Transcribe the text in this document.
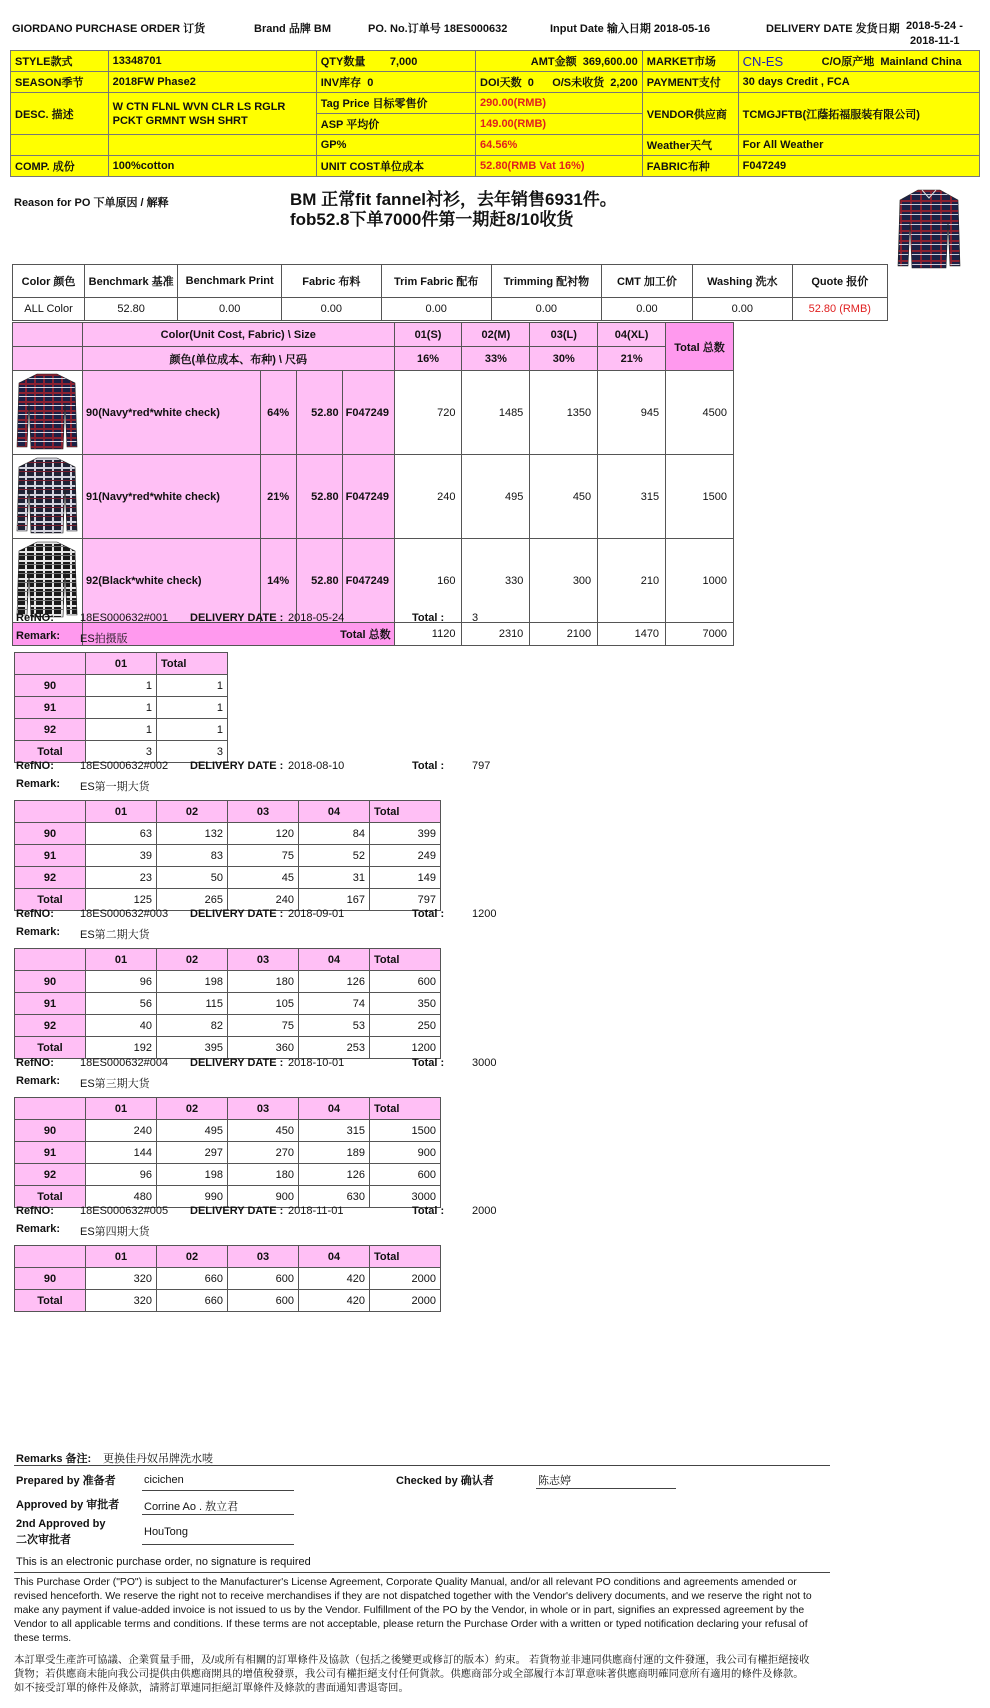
GIORDANO PURCHASE ORDER 订货	Brand 品牌 BM	PO. No.订单号 18ES000632	Input Date 输入日期 2018-05-16	DELIVERY DATE 发货日期 2018-5-24 -
2018-11-1
STYLE款式	13348701	QTY数量 7,000	AMT金额 369,600.00	MARKET市场	CN-ES	C/O原产地 Mainland China
SEASON季节	2018FW Phase2	INV库存 0	DOI天数 0 O/S未收货 2,200	PAYMENT支付	30 days Credit , FCA	
DESC. 描述	W CTN FLNL WVN CLR LS RGLR PCKT GRMNT WSH SHRT	Tag Price 目标零售价	290.00(RMB)	VENDOR供应商	TCMGJFTB(江蔭拓福服装有限公司)	
		ASP 平均价	149.00(RMB)			
		GP%	64.56%	Weather天气	For All Weather	
COMP. 成份	100%cotton	UNIT COST单位成本	52.80(RMB Vat 16%)	FABRIC布种	F047249	
Reason for PO 下单原因 / 解释	BM 正常fit fannel衬衫，去年销售6931件。
fob52.8下单7000件第一期赶8/10收货
Color 颜色	Benchmark 基准	Benchmark Print	Fabric 布料	Trim Fabric 配布	Trimming 配衬物	CMT 加工价	Washing 洗水	Quote 报价
ALL Color	52.80	0.00	0.00	0.00	0.00	0.00	0.00	52.80 (RMB)
	Color(Unit Cost, Fabric) \ Size				01(S)	02(M)	03(L)	04(XL)	Total 总数
	颜色(单位成本、布种) \ 尺码				16%	33%	30%	21%	
	90(Navy*red*white check)	64%	52.80	F047249	720	1485	1350	945	4500
	91(Navy*red*white check)	21%	52.80	F047249	240	495	450	315	1500
	92(Black*white check)	14%	52.80	F047249	160	330	300	210	1000
	Total 总数				1120	2310	2100	1470	7000
RefNO: 18ES000632#001 DELIVERY DATE : 2018-05-24	Total :	3
Remark: ES拍摄版
	01	Total
90	1	1
91	1	1
92	1	1
Total	3	3
RefNO: 18ES000632#002 DELIVERY DATE : 2018-08-10	Total :	797
Remark: ES第一期大货
	01	02	03	04	Total
90	63	132	120	84	399
91	39	83	75	52	249
92	23	50	45	31	149
Total	125	265	240	167	797
RefNO: 18ES000632#003 DELIVERY DATE : 2018-09-01	Total :	1200
Remark: ES第二期大货
	01	02	03	04	Total
90	96	198	180	126	600
91	56	115	105	74	350
92	40	82	75	53	250
Total	192	395	360	253	1200
RefNO: 18ES000632#004 DELIVERY DATE : 2018-10-01	Total :	3000
Remark: ES第三期大货
	01	02	03	04	Total
90	240	495	450	315	1500
91	144	297	270	189	900
92	96	198	180	126	600
Total	480	990	900	630	3000
RefNO: 18ES000632#005 DELIVERY DATE : 2018-11-01	Total :	2000
Remark: ES第四期大货
	01	02	03	04	Total
90	320	660	600	420	2000
Total	320	660	600	420	2000
Remarks 备注: 更换佳丹奴吊牌洗水唛
Prepared by 准备者	cicichen	Checked by 确认者	陈志婷
Approved by 审批者 Corrine Ao . 敖立君
2nd Approved by
二次审批者
HouTong
This is an electronic purchase order, no signature is required
This Purchase Order ("PO") is subject to the Manufacturer's License Agreement, Corporate Quality Manual, and/or all relevant PO conditions and agreements amended or revised henceforth. We reserve the right not to receive merchandises if they are not dispatched together with the Vendor's delivery documents, and we reserve the right not to make any payment if value-added invoice is not issued to us by the Vendor. Fulfillment of the PO by the Vendor, in whole or in part, signifies an expressed agreement by the Vendor to all applicable terms and conditions. If these terms are not acceptable, please return the Purchase Order with a written or typed notification declaring your refusal of these terms.
本訂單受生產許可協議、企業質量手冊，及/或所有相關的訂單條件及協款（包括之後變更或修訂的版本）約束。 若貨物並非連同供應商付運的文件發運，我公司有權拒絕接收貨物；若供應商未能向我公司提供由供應商開具的增值稅發票，我公司有權拒絕支付任何貨款。供應商部分或全部履行本訂單意味著供應商明確同意所有適用的條件及條款。如不接受訂單的條件及條款，請將訂單連同拒絕訂單條件及條款的書面通知書退寄回。
